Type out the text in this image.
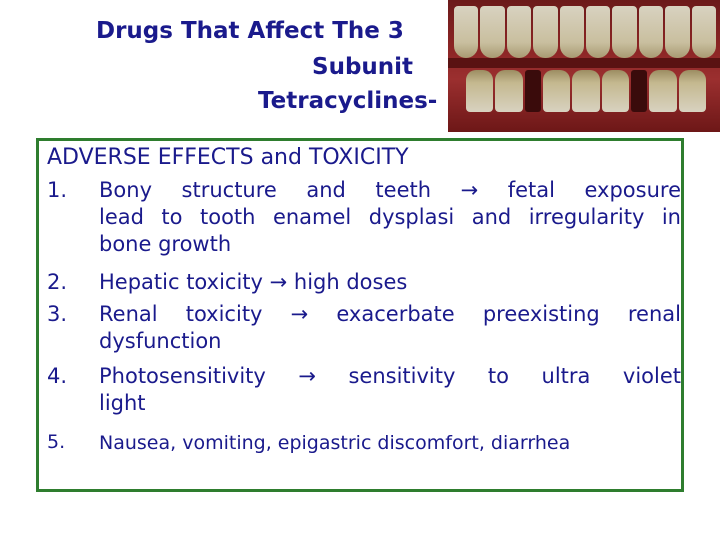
Drugs That Affect The 3
Subunit
Tetracyclines-
ADVERSE EFFECTS and TOXICITY
1.	Bony structure and teeth → fetal exposure
lead to tooth enamel dysplasi and irregularity in
bone growth
2.	Hepatic toxicity → high doses
3.	Renal toxicity → exacerbate preexisting renal
dysfunction
4.	Photosensitivity → sensitivity to ultra violet
light
5.	Nausea, vomiting, epigastric discomfort, diarrhea
